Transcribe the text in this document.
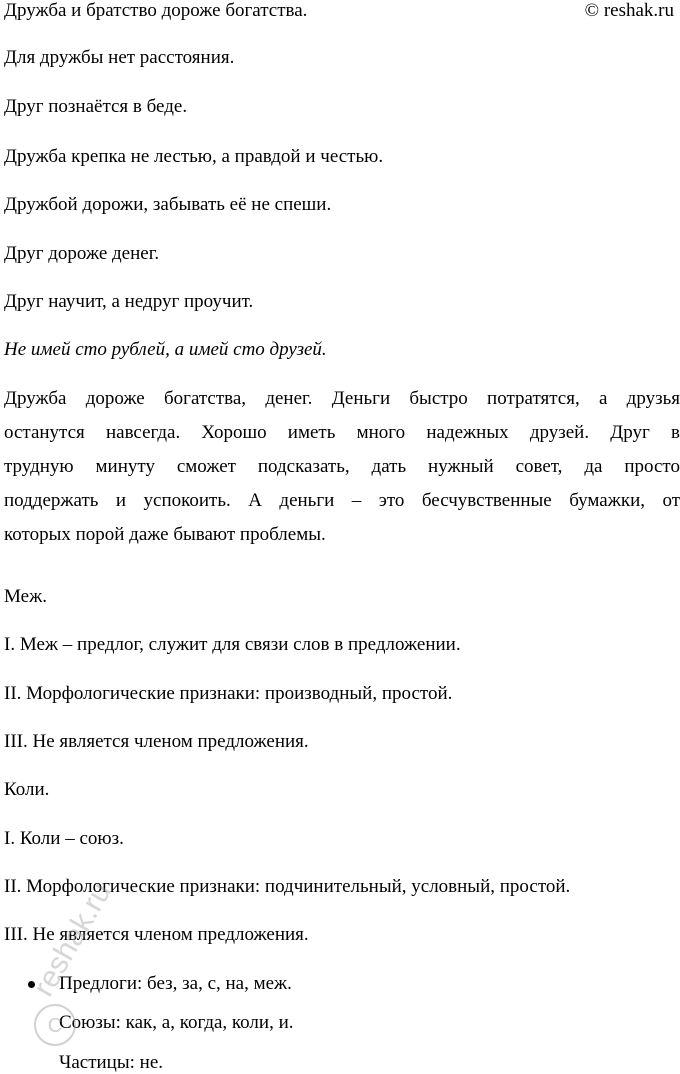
Дружба и братство дороже богатства.	© reshak.ru
Для дружбы нет расстояния.
Друг познаётся в беде.
Дружба крепка не лестью, а правдой и честью.
Дружбой дорожи, забывать её не спеши.
Друг дороже денег.
Друг научит, а недруг проучит.
Не имей сто рублей, а имей сто друзей.
Дружба дороже богатства, денег. Деньги быстро потратятся, а друзья
останутся навсегда. Хорошо иметь много надежных друзей. Друг в
трудную минуту сможет подсказать, дать нужный совет, да просто
поддержать и успокоить. А деньги – это бесчувственные бумажки, от
которых порой даже бывают проблемы.
Меж.
I. Меж – предлог, служит для связи слов в предложении.
II. Морфологические признаки: производный, простой.
III. Не является членом предложения.
Коли.
I. Коли – союз.
II. Морфологические признаки: подчинительный, условный, простой.
III. Не является членом предложения.
Предлоги: без, за, с, на, меж.
Союзы: как, а, когда, коли, и.
Частицы: не.
C
reshak.ru
